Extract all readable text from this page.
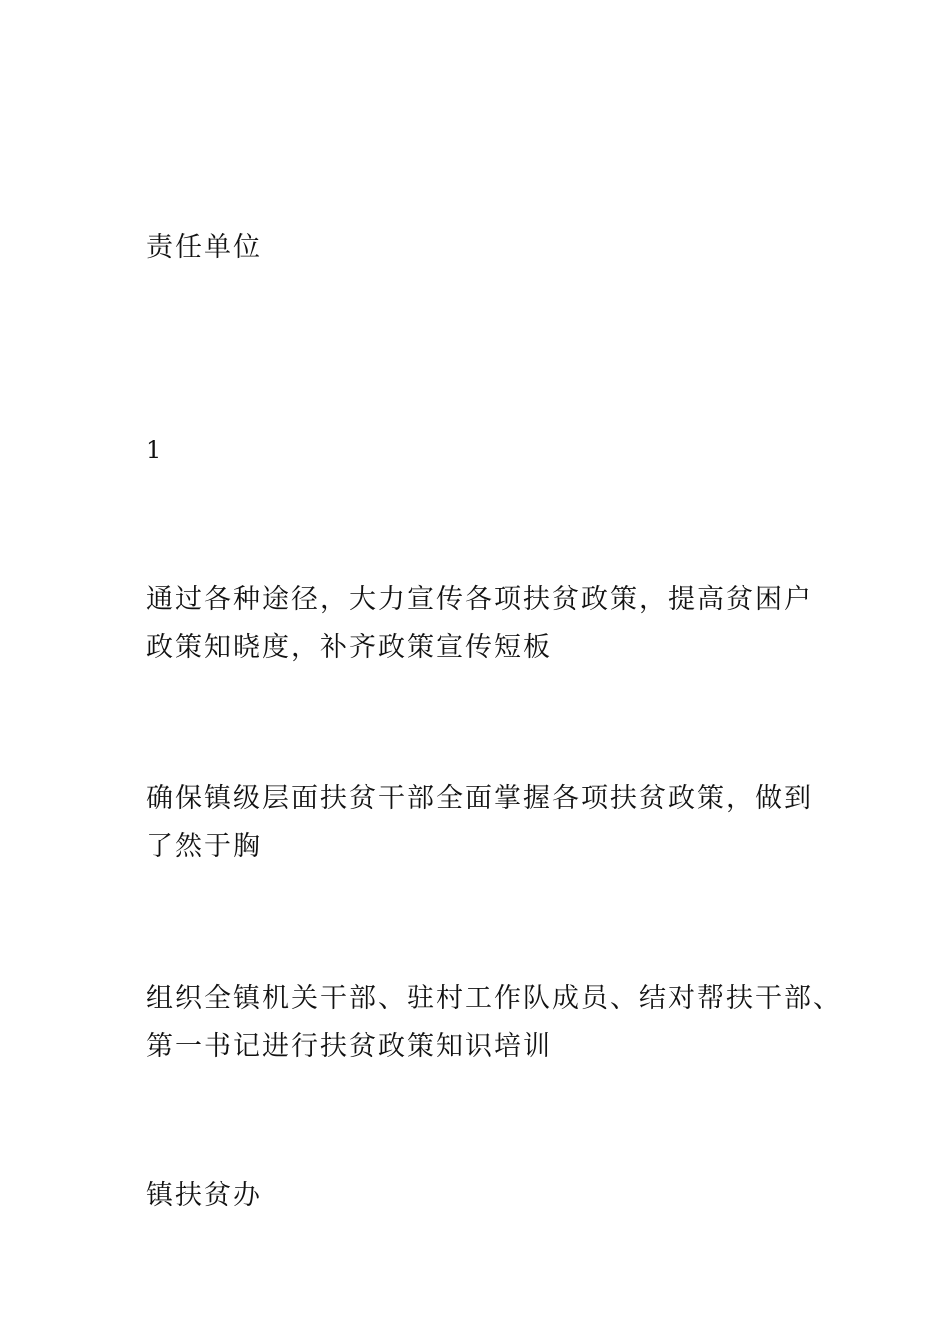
责任单位

1

通过各种途径，大力宣传各项扶贫政策，提高贫困户
政策知晓度，补齐政策宣传短板

确保镇级层面扶贫干部全面掌握各项扶贫政策，做到
了然于胸

组织全镇机关干部、驻村工作队成员、结对帮扶干部、
第一书记进行扶贫政策知识培训

镇扶贫办
